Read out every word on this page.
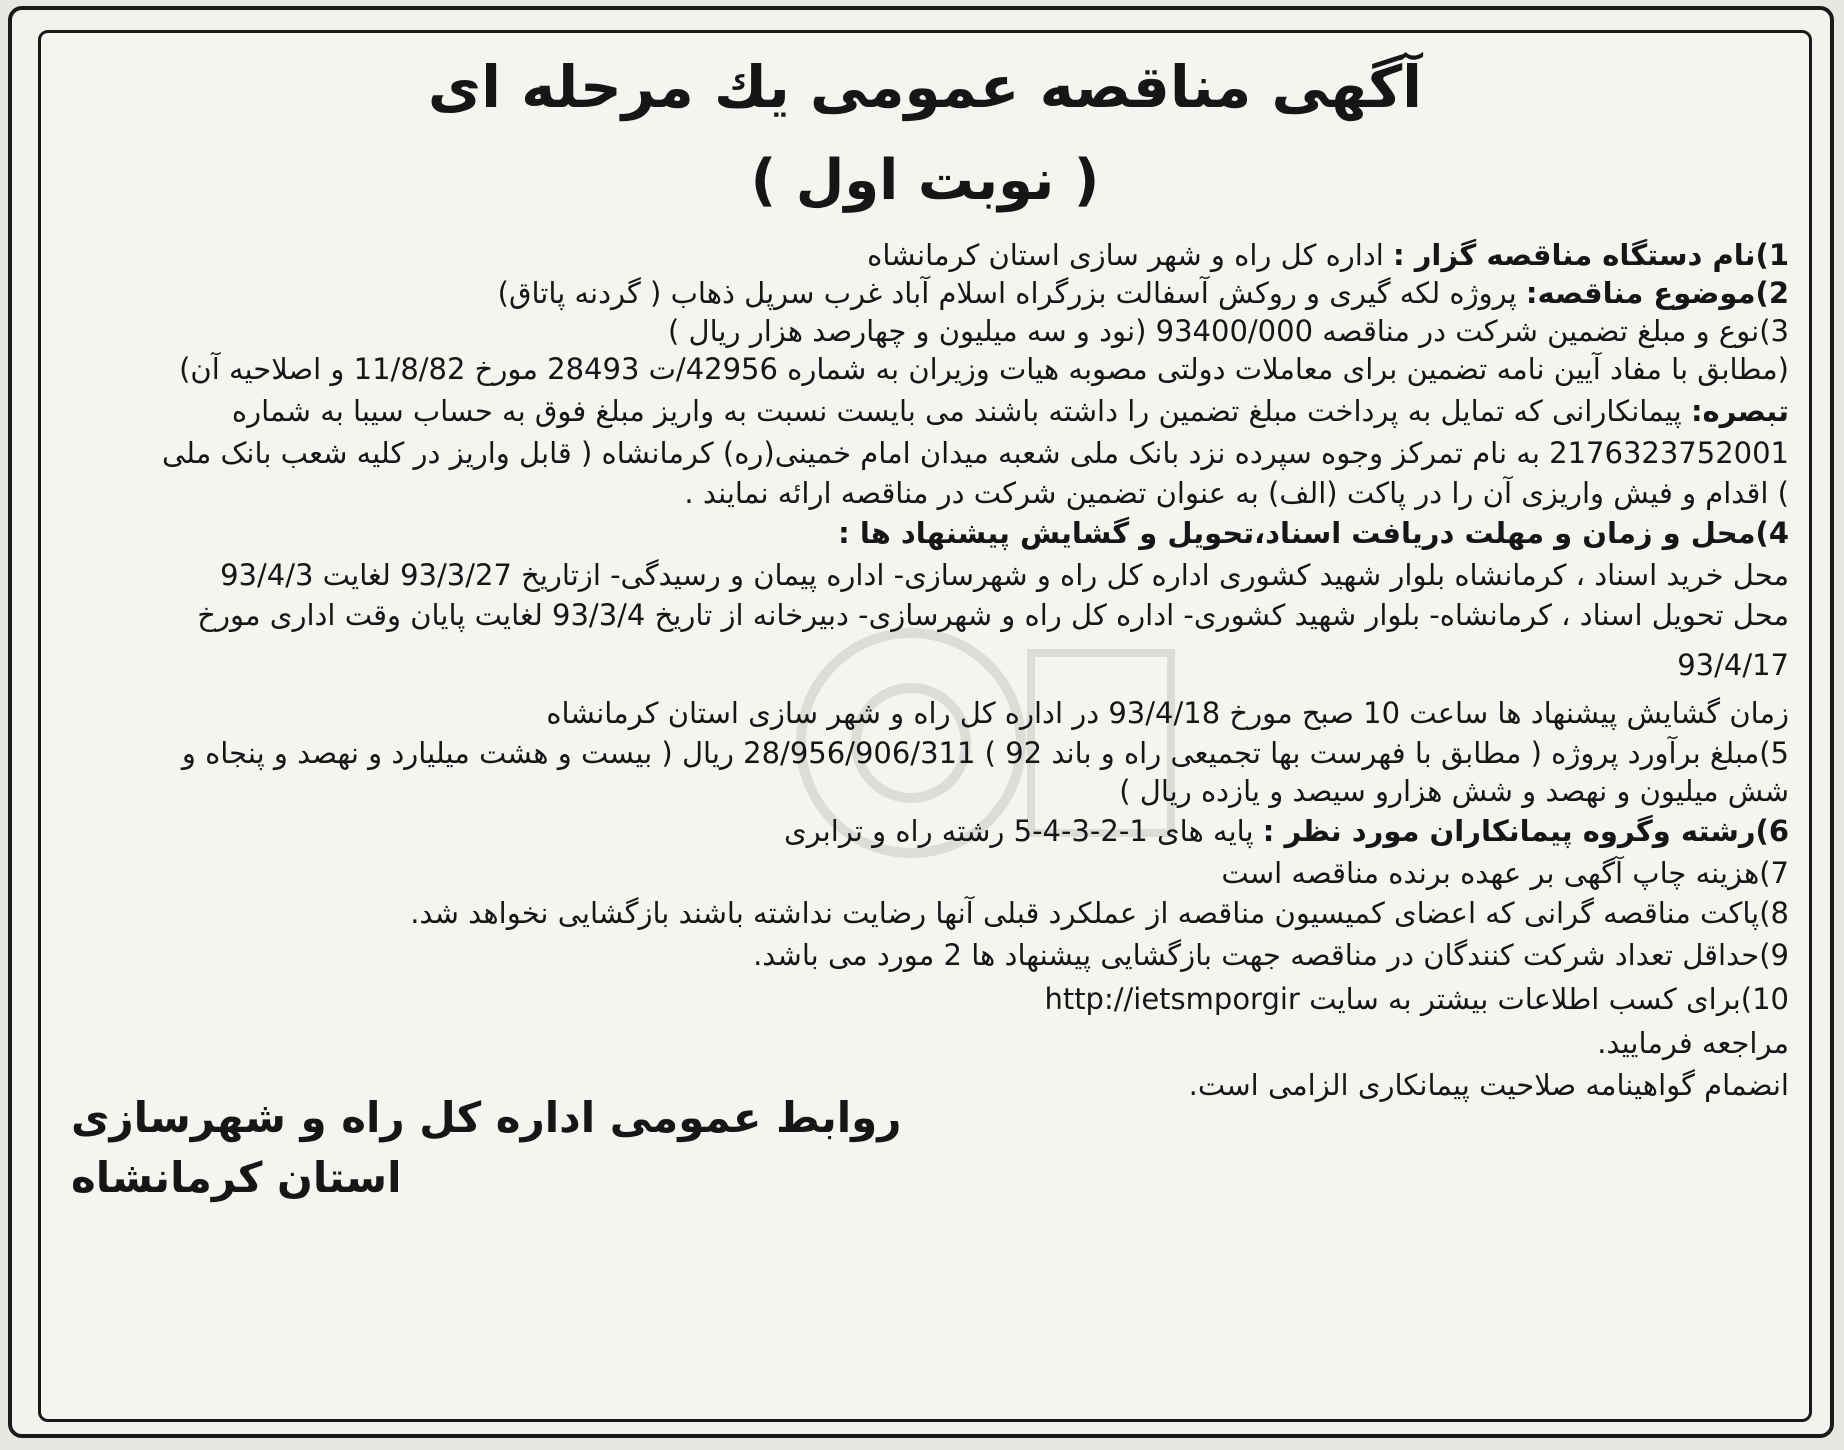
آگهی مناقصه عمومی یك مرحله ای
( نوبت اول )
1)نام دستگاه مناقصه گزار : اداره کل راه و شهر سازی استان کرمانشاه
2)موضوع مناقصه: پروژه لکه گیری و روکش آسفالت بزرگراه اسلام آباد غرب سرپل ذهاب ( گردنه پاتاق)
3)نوع و مبلغ تضمین شرکت در مناقصه 93400/000 (نود و سه میلیون و چهارصد هزار ریال )
(مطابق با مفاد آیین نامه تضمین برای معاملات دولتی مصوبه هیات وزیران به شماره 42956/ت 28493 مورخ 11/8/82 و اصلاحیه آن)
تبصره: پیمانکارانی که تمایل به پرداخت مبلغ تضمین را داشته باشند می بایست نسبت به واریز مبلغ فوق به حساب سیبا به شماره
2176323752001 به نام تمرکز وجوه سپرده نزد بانک ملی شعبه میدان امام خمینی(ره) کرمانشاه ( قابل واریز در کلیه شعب بانک ملی
) اقدام و فیش واریزی آن را در پاکت (الف) به عنوان تضمین شرکت در مناقصه ارائه نمایند .
4)محل و زمان و مهلت دریافت اسناد،تحویل و گشایش پیشنهاد ها :
محل خرید اسناد ، کرمانشاه بلوار شهید کشوری اداره کل راه و شهرسازی- اداره پیمان و رسیدگی- ازتاریخ 93/3/27 لغایت 93/4/3
محل تحویل اسناد ، کرمانشاه- بلوار شهید کشوری- اداره کل راه و شهرسازی- دبیرخانه از تاریخ 93/3/4 لغایت پایان وقت اداری مورخ
93/4/17
زمان گشایش پیشنهاد ها ساعت 10 صبح مورخ 93/4/18 در اداره کل راه و شهر سازی استان کرمانشاه
5)مبلغ برآورد پروژه ( مطابق با فهرست بها تجمیعی راه و باند 92 ) 28/956/906/311 ریال ( بیست و هشت میلیارد و نهصد و پنجاه و
شش میلیون و نهصد و شش هزارو سیصد و یازده ریال )
6)رشته وگروه پیمانکاران مورد نظر : پایه های 1-2-3-4-5 رشته راه و ترابری
7)هزینه چاپ آگهی بر عهده برنده مناقصه است
8)پاکت مناقصه گرانی که اعضای کمیسیون مناقصه از عملکرد قبلی آنها رضایت نداشته باشند بازگشایی نخواهد شد.
9)حداقل تعداد شرکت کنندگان در مناقصه جهت بازگشایی پیشنهاد ها 2 مورد می باشد.
10)برای کسب اطلاعات بیشتر به سایت http://ietsmporgir
مراجعه فرمایید.
انضمام گواهینامه صلاحیت پیمانکاری الزامی است.
روابط عمومی اداره کل راه و شهرسازی
استان کرمانشاه
